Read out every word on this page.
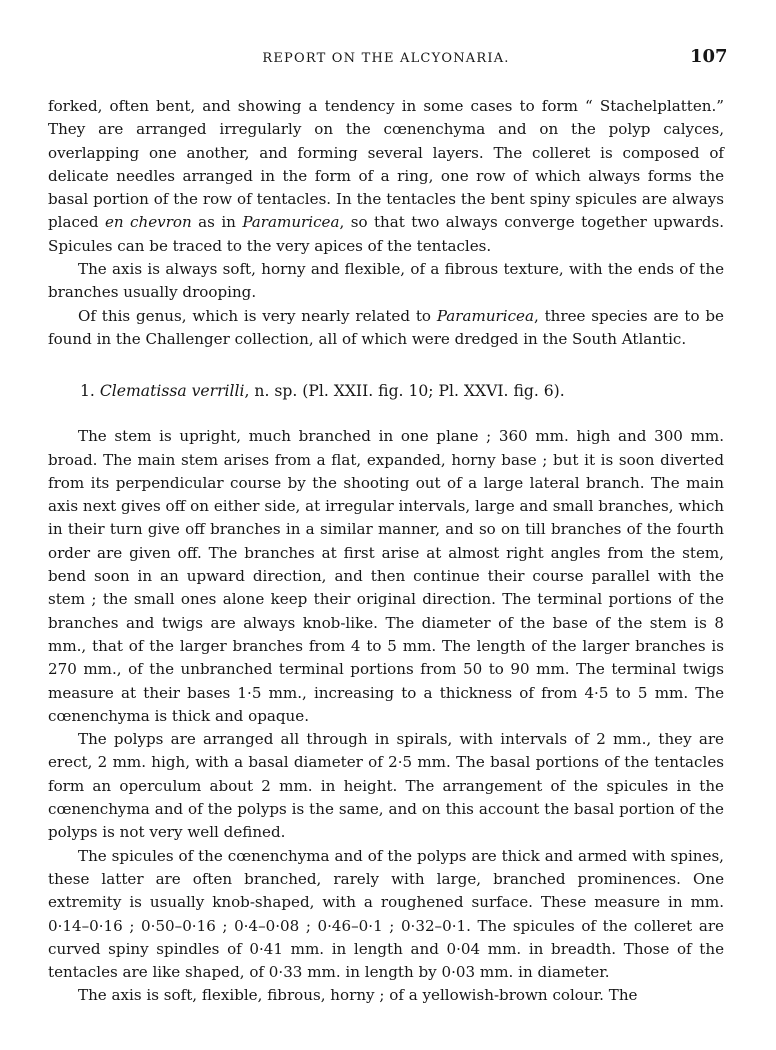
REPORT ON THE ALCYONARIA.	107

forked, often bent, and showing a tendency in some cases to form “ Stachelplatten.” They are arranged irregularly on the cœnenchyma and on the polyp calyces, overlapping one another, and forming several layers. The colleret is composed of delicate needles arranged in the form of a ring, one row of which always forms the basal portion of the row of tentacles. In the tentacles the bent spiny spicules are always placed en chevron as in Paramuricea, so that two always converge together upwards. Spicules can be traced to the very apices of the tentacles.

The axis is always soft, horny and flexible, of a fibrous texture, with the ends of the branches usually drooping.

Of this genus, which is very nearly related to Paramuricea, three species are to be found in the Challenger collection, all of which were dredged in the South Atlantic.

1. Clematissa verrilli, n. sp. (Pl. XXII. fig. 10; Pl. XXVI. fig. 6).

The stem is upright, much branched in one plane ; 360 mm. high and 300 mm. broad. The main stem arises from a flat, expanded, horny base ; but it is soon diverted from its perpendicular course by the shooting out of a large lateral branch. The main axis next gives off on either side, at irregular intervals, large and small branches, which in their turn give off branches in a similar manner, and so on till branches of the fourth order are given off. The branches at first arise at almost right angles from the stem, bend soon in an upward direction, and then continue their course parallel with the stem ; the small ones alone keep their original direction. The terminal portions of the branches and twigs are always knob-like. The diameter of the base of the stem is 8 mm., that of the larger branches from 4 to 5 mm. The length of the larger branches is 270 mm., of the unbranched terminal portions from 50 to 90 mm. The terminal twigs measure at their bases 1·5 mm., increasing to a thickness of from 4·5 to 5 mm. The cœnenchyma is thick and opaque.

The polyps are arranged all through in spirals, with intervals of 2 mm., they are erect, 2 mm. high, with a basal diameter of 2·5 mm. The basal portions of the tentacles form an operculum about 2 mm. in height. The arrangement of the spicules in the cœnenchyma and of the polyps is the same, and on this account the basal portion of the polyps is not very well defined.

The spicules of the cœnenchyma and of the polyps are thick and armed with spines, these latter are often branched, rarely with large, branched prominences. One extremity is usually knob-shaped, with a roughened surface. These measure in mm. 0·14–0·16 ; 0·50–0·16 ; 0·4–0·08 ; 0·46–0·1 ; 0·32–0·1. The spicules of the colleret are curved spiny spindles of 0·41 mm. in length and 0·04 mm. in breadth. Those of the tentacles are like shaped, of 0·33 mm. in length by 0·03 mm. in diameter.

The axis is soft, flexible, fibrous, horny ; of a yellowish-brown colour. The
